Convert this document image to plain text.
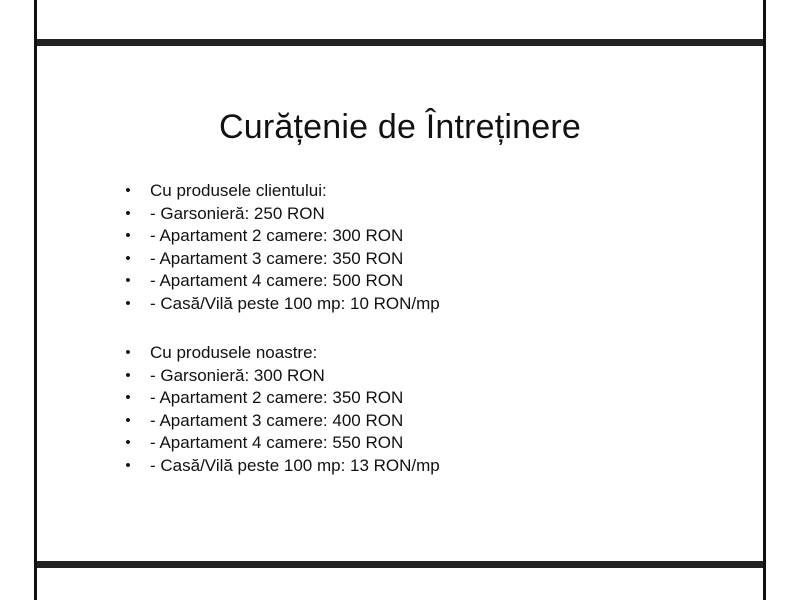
Curățenie de Întreținere
• Cu produsele clientului:
• - Garsonieră: 250 RON
• - Apartament 2 camere: 300 RON
• - Apartament 3 camere: 350 RON
• - Apartament 4 camere: 500 RON
• - Casă/Vilă peste 100 mp: 10 RON/mp
• Cu produsele noastre:
• - Garsonieră: 300 RON
• - Apartament 2 camere: 350 RON
• - Apartament 3 camere: 400 RON
• - Apartament 4 camere: 550 RON
• - Casă/Vilă peste 100 mp: 13 RON/mp
